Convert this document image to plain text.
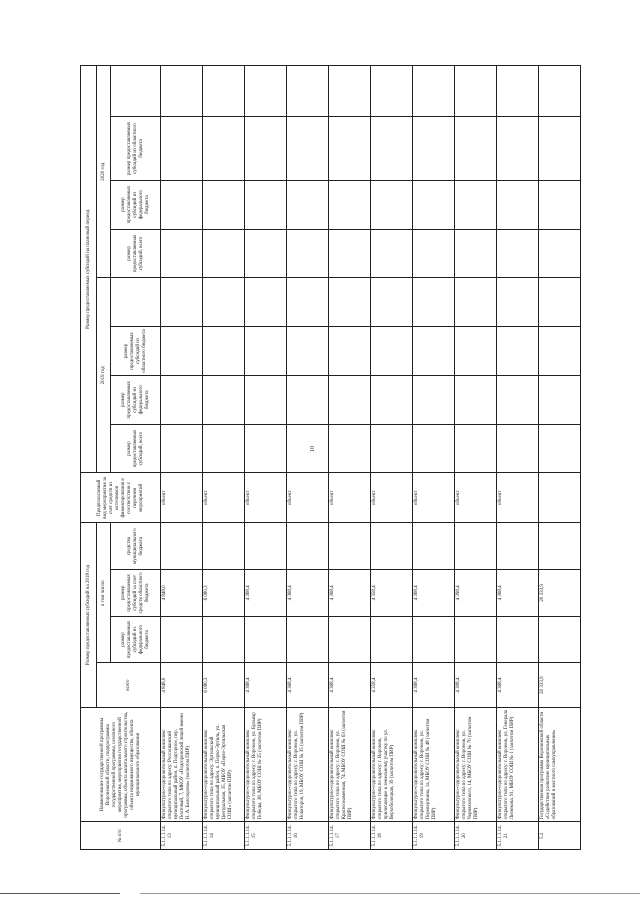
10
№ п/п	Наименование государственной программы Воронежской области, подпрограммы государственной программы, основного мероприятия, мероприятия государственной программы, объекта капитального строительства, объекта недвижимого имущества, объекта муниципального образования	Размер предоставляемых субсидий на 2018 год				Предполагаемый вид мероприятия за счет средств из источников финансирования в соответствии с перечнем мероприятий	Размер предоставляемых субсидий на плановый период							
		всего	в том числе:				2019 год				2020 год			
			размер предоставляемых субсидий из федерального бюджета	размер предоставляемых субсидий за счет средств областного бюджета	средства муниципального бюджета		размер предоставляемых субсидий, всего	размер предоставляемых субсидий из федерального бюджета	размер предоставляемых субсидий из областного бюджета		размер предоставляемых субсидий, всего	размер предоставляемых субсидий из федерального бюджета	размер предоставляемых субсидий из областного бюджета	

5.1.1.1.14.13	Физкультурно-оздоровительный комплекс открытого типа по адресу: Россошанский муниципальный район, п. Подгорное, пер. Почтовый, 7, МКОУ «Подгоренский лицей имени Н. А. Белозорова» (засчетом ПИР)	4 848,0		4 848,0		объект								
5.1.1.1.14.14	Физкультурно-оздоровительный комплекс открытого типа по адресу: Эртильский муниципальный район, п. Перво-Эртиль, ул. Центральная, 35, МБОУ «Перво-Эртильская СОШ» (засчетом ПИР)	6 080,3		6 080,3		объект								
5.1.1.1.14.15	Физкультурно-оздоровительный комплекс открытого типа по адресу: г. Воронеж, ул. Бульвар Победы, 38, МБОУ СОШ № 25 (засчетом ПИР)	4 368,4		4 368,4		объект								
5.1.1.1.14.16	Физкультурно-оздоровительный комплекс открытого типа по адресу: г. Воронеж, ул. Новаторов, 19, МБОУ СОШ № 35 (засчетом ПИР)	4 368,4		4 368,4		объект								
5.1.1.1.14.17	Физкультурно-оздоровительный комплекс открытого типа по адресу: г. Воронеж, ул. Краснознаменная, 74, МБОУ СОШ № 63 (засчетом ПИР)	4 368,4		4 368,4		объект								
5.1.1.1.14.18	Физкультурно-оздоровительный комплекс открытого типа по адресу: г. Воронеж, прилегающее к земельному участку по ул. Верхоболоцкая, 39 (засчетом ПИР)	4 358,4		4 358,4		объект								
5.1.1.1.14.19	Физкультурно-оздоровительный комплекс открытого типа по адресу: г. Воронеж, ул. Переверткина, 1а, МБОУ СОШ № 48 (засчетом ПИР)	4 368,4		4 368,4		объект								
5.1.1.1.14.20	Физкультурно-оздоровительный комплекс открытого типа по адресу: г. Воронеж, ул. Черняховского, 14, МБОУ СОШ № 70 (засчетом ПИР)	4 398,4		4 398,4		объект								
5.1.1.1.14.21	Физкультурно-оздоровительный комплекс открытого типа по адресу: г. Воронеж, ул. Генерала Лизюкова, 91, МБОУ СОШ № 1 (засчетом ПИР)	4 368,4		4 368,4		объект								
5.2	Государственная программа Воронежской области «Содействие развитию муниципальных образований и местного самоуправления»	20 333,9		20 333,9										
